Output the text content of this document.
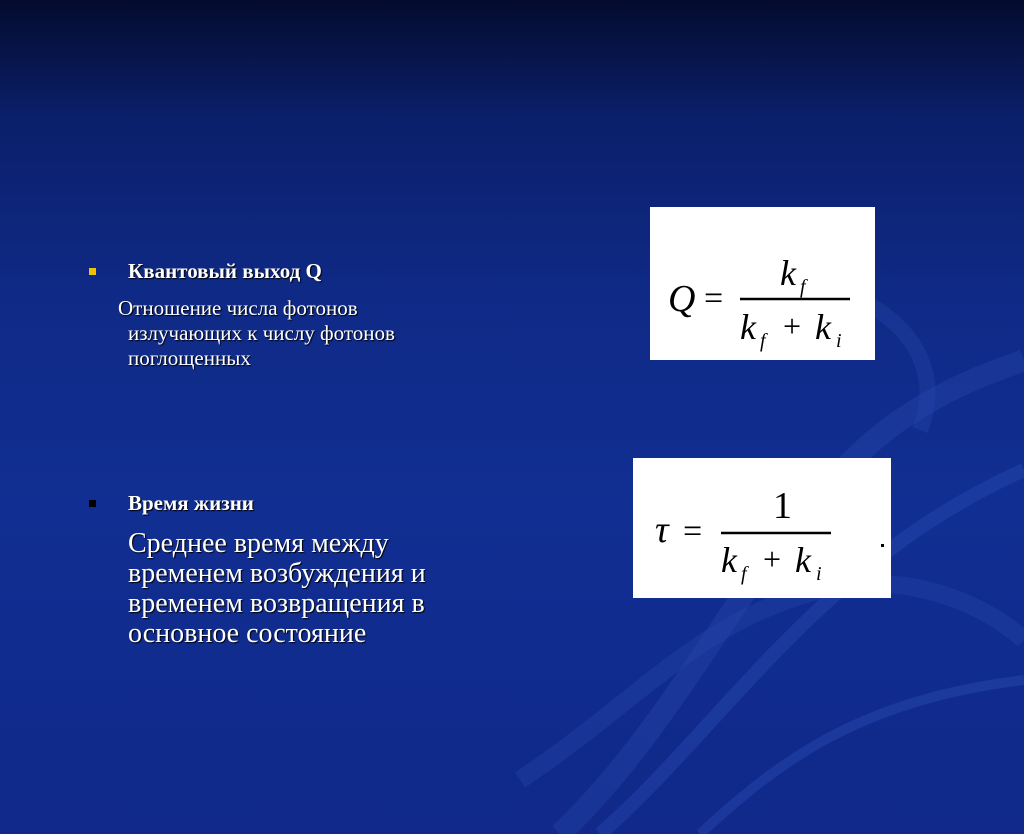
Квантовый выход Q
Отношение числа фотонов
излучающих к числу фотонов
поглощенных
Q =
k f
k f + k i
Время жизни
Среднее время между
временем возбуждения и
временем возвращения в
основное состояние
τ =
1
k f + k i
